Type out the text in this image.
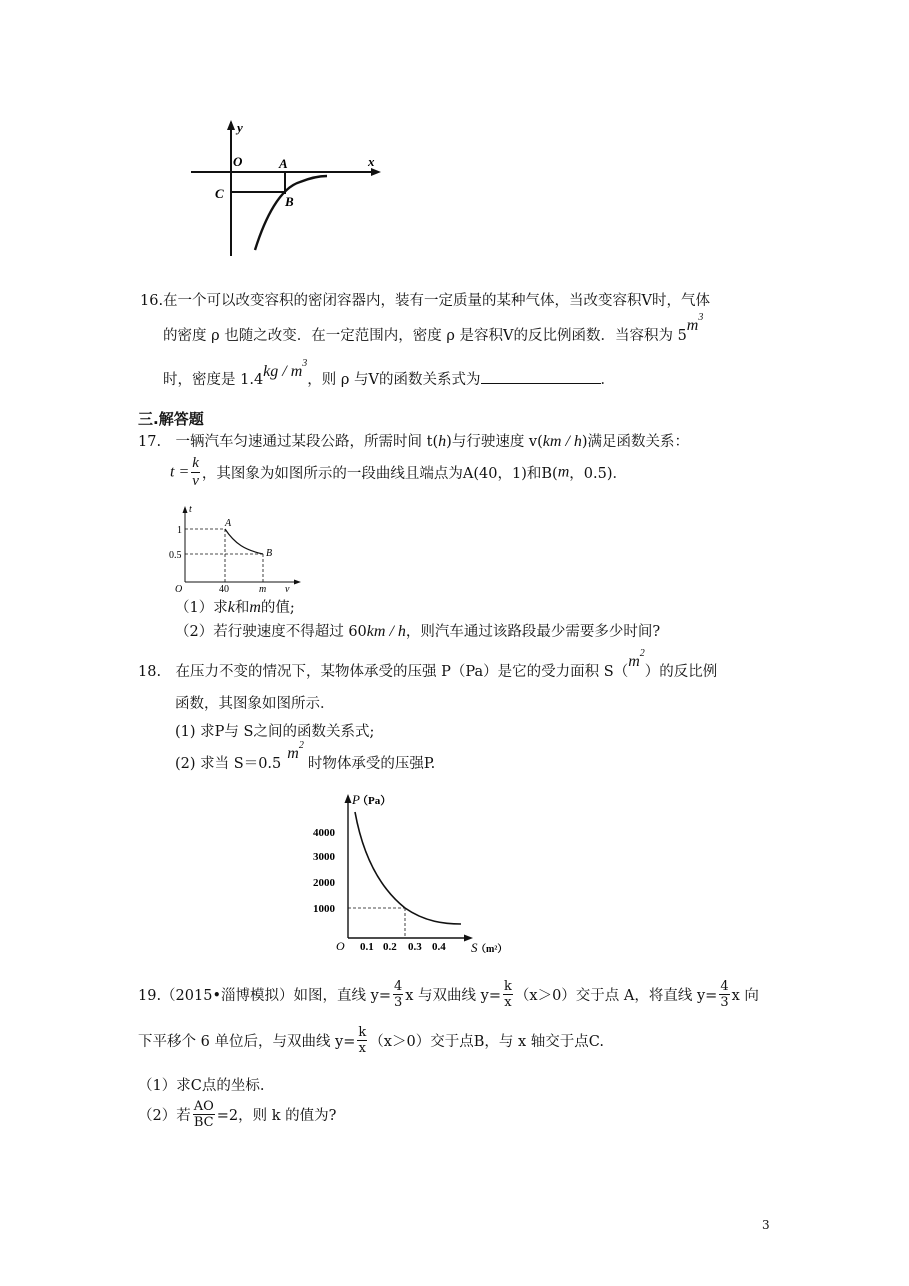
y
O	A	x
C
B
16.在一个可以改变容积的密闭容器内，装有一定质量的某种气体，当改变容积V时，气体
的密度 ρ 也随之改变．在一定范围内，密度 ρ 是容积V的反比例函数．当容积为 $5m^3$
时，密度是 $1.4kg / m^3$，则 ρ 与V的函数关系式为	．
三.解答题
17.　一辆汽车匀速通过某段公路，所需时间 t(h)与行驶速度 v(km / h)满足函数关系：
$t = \frac{k}{v}$ ，其图象为如图所示的一段曲线且端点为A(40，1)和B(m，0.5)．
t
A
B
1
0.5
O	40	m v
（1）求k和m的值;
（2）若行驶速度不得超过 60km / h，则汽车通过该路段最少需要多少时间?
18.　在压力不变的情况下，某物体承受的压强 P（Pa）是它的受力面积 $S(m^2)$的反比例
函数，其图象如图所示．
(1) 求P与 S之间的函数关系式;
(2) 求当 $S=0.5m^2$时物体承受的压强P.
P
（Pa）
4000
3000
2000
1000
O 0.1 0.2 0.3 0.4 S
（m²）
19.（2015•淄博模拟）如图，直线 $y= \frac{4}{3}$ x 与双曲线 $y= \frac{k}{x} (x>0)$交于点 A，将直线 $y= \frac{4}{3}$ x 向
下平移个 6 单位后，与双曲线 $y= \frac{k}{x} (x>0)$交于点B，与 x 轴交于点C.
（1）求C点的坐标.
（2）若 $\frac{AO}{BC} =2$，则 k 的值为?
3
